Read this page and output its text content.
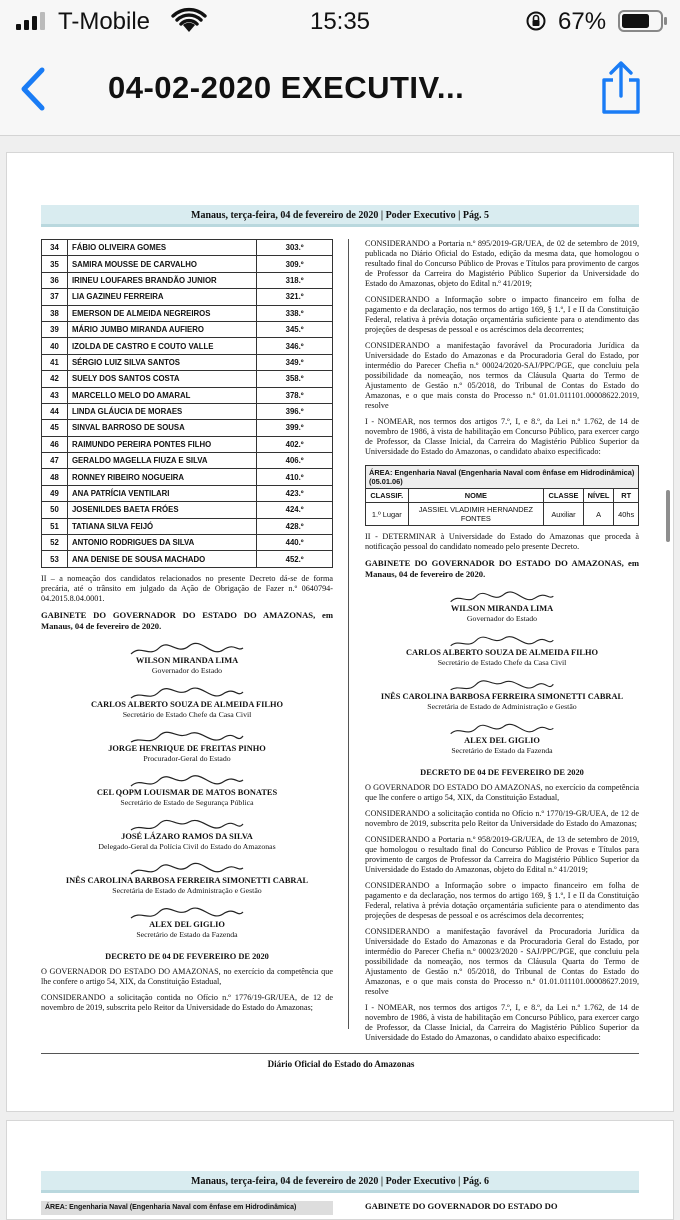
T-Mobile	15:35	67%
04-02-2020 EXECUTIV...
Manaus, terça-feira, 04 de fevereiro de 2020 | Poder Executivo | Pág. 5
34	FÁBIO OLIVEIRA GOMES	303.º
35	SAMIRA MOUSSE DE CARVALHO	309.º
36	IRINEU LOUFARES BRANDÃO JUNIOR	318.º
37	LIA GAZINEU FERREIRA	321.º
38	EMERSON DE ALMEIDA NEGREIROS	338.º
39	MÁRIO JUMBO MIRANDA AUFIERO	345.º
40	IZOLDA DE CASTRO E COUTO VALLE	346.º
41	SÉRGIO LUIZ SILVA SANTOS	349.º
42	SUELY DOS SANTOS COSTA	358.º
43	MARCELLO MELO DO AMARAL	378.º
44	LINDA GLÁUCIA DE MORAES	396.º
45	SINVAL BARROSO DE SOUSA	399.º
46	RAIMUNDO PEREIRA PONTES FILHO	402.º
47	GERALDO MAGELLA FIUZA E SILVA	406.º
48	RONNEY RIBEIRO NOGUEIRA	410.º
49	ANA PATRÍCIA VENTILARI	423.º
50	JOSENILDES BAETA FRÓES	424.º
51	TATIANA SILVA FEIJÓ	428.º
52	ANTONIO RODRIGUES DA SILVA	440.º
53	ANA DENISE DE SOUSA MACHADO	452.º
II – a nomeação dos candidatos relacionados no presente Decreto dá-se de forma precária, até o trânsito em julgado da Ação de Obrigação de Fazer n.º 0640794-04.2015.8.04.0001.
GABINETE DO GOVERNADOR DO ESTADO DO AMAZONAS, em Manaus, 04 de fevereiro de 2020.
WILSON MIRANDA LIMA
Governador do Estado
CARLOS ALBERTO SOUZA DE ALMEIDA FILHO
Secretário de Estado Chefe da Casa Civil
JORGE HENRIQUE DE FREITAS PINHO
Procurador-Geral do Estado
CEL QOPM LOUISMAR DE MATOS BONATES
Secretário de Estado de Segurança Pública
JOSÉ LÁZARO RAMOS DA SILVA
Delegado-Geral da Polícia Civil do Estado do Amazonas
INÊS CAROLINA BARBOSA FERREIRA SIMONETTI CABRAL
Secretária de Estado de Administração e Gestão
ALEX DEL GIGLIO
Secretário de Estado da Fazenda
DECRETO DE 04 DE FEVEREIRO DE 2020
O GOVERNADOR DO ESTADO DO AMAZONAS, no exercício da competência que lhe confere o artigo 54, XIX, da Constituição Estadual,
CONSIDERANDO a solicitação contida no Ofício n.º 1776/19-GR/UEA, de 12 de novembro de 2019, subscrita pelo Reitor da Universidade do Estado do Amazonas;
CONSIDERANDO a Portaria n.º 895/2019-GR/UEA, de 02 de setembro de 2019, publicada no Diário Oficial do Estado, edição da mesma data, que homologou o resultado final do Concurso Público de Provas e Títulos para provimento de cargos de Professor da Carreira do Magistério Público Superior da Universidade do Estado do Amazonas, objeto do Edital n.º 41/2019;
CONSIDERANDO a Informação sobre o impacto financeiro em folha de pagamento e da declaração, nos termos do artigo 169, § 1.º, I e II da Constituição Federal, relativa à prévia dotação orçamentária suficiente para o atendimento das projeções de despesas de pessoal e os acréscimos dela decorrentes;
CONSIDERANDO a manifestação favorável da Procuradoria Jurídica da Universidade do Estado do Amazonas e da Procuradoria Geral do Estado, por intermédio do Parecer Chefia n.º 00024/2020-SAJ/PPC/PGE, que concluiu pela possibilidade da nomeação, nos termos da Cláusula Quarta do Termo de Ajustamento de Gestão n.º 05/2018, do Tribunal de Contas do Estado do Amazonas, e o que mais consta do Processo n.º 01.01.011101.00008622.2019, resolve
I - NOMEAR, nos termos dos artigos 7.º, I, e 8.º, da Lei n.º 1.762, de 14 de novembro de 1986, à vista de habilitação em Concurso Público, para exercer cargo de Professor, da Classe Inicial, da Carreira do Magistério Público Superior da Universidade do Estado do Amazonas, o candidato abaixo especificado:
ÁREA: Engenharia Naval (Engenharia Naval com ênfase em Hidrodinâmica) (05.01.06)				
CLASSIF.	NOME	CLASSE	NÍVEL	RT
1.º Lugar	JASSIEL VLADIMIR HERNANDEZ FONTES	Auxiliar	A	40hs
II - DETERMINAR à Universidade do Estado do Amazonas que proceda à notificação pessoal do candidato nomeado pelo presente Decreto.
GABINETE DO GOVERNADOR DO ESTADO DO AMAZONAS, em Manaus, 04 de fevereiro de 2020.
WILSON MIRANDA LIMA
Governador do Estado
CARLOS ALBERTO SOUZA DE ALMEIDA FILHO
Secretário de Estado Chefe da Casa Civil
INÊS CAROLINA BARBOSA FERREIRA SIMONETTI CABRAL
Secretária de Estado de Administração e Gestão
ALEX DEL GIGLIO
Secretário de Estado da Fazenda
DECRETO DE 04 DE FEVEREIRO DE 2020
O GOVERNADOR DO ESTADO DO AMAZONAS, no exercício da competência que lhe confere o artigo 54, XIX, da Constituição Estadual,
CONSIDERANDO a solicitação contida no Ofício n.º 1770/19-GR/UEA, de 12 de novembro de 2019, subscrita pelo Reitor da Universidade do Estado do Amazonas;
CONSIDERANDO a Portaria n.º 958/2019-GR/UEA, de 13 de setembro de 2019, que homologou o resultado final do Concurso Público de Provas e Títulos para provimento de cargos de Professor da Carreira do Magistério Público Superior da Universidade do Estado do Amazonas, objeto do Edital n.º 41/2019;
CONSIDERANDO a Informação sobre o impacto financeiro em folha de pagamento e da declaração, nos termos do artigo 169, § 1.º, I e II da Constituição Federal, relativa à prévia dotação orçamentária suficiente para o atendimento das projeções de despesas de pessoal e os acréscimos dela decorrentes;
CONSIDERANDO a manifestação favorável da Procuradoria Jurídica da Universidade do Estado do Amazonas e da Procuradoria Geral do Estado, por intermédio do Parecer Chefia n.º 00023/2020 - SAJ/PPC/PGE, que concluiu pela possibilidade da nomeação, nos termos da Cláusula Quarta do Termo de Ajustamento de Gestão n.º 05/2018, do Tribunal de Contas do Estado do Amazonas, e o que mais consta do Processo n.º 01.01.011101.00008627.2019, resolve
I - NOMEAR, nos termos dos artigos 7.º, I, e 8.º, da Lei n.º 1.762, de 14 de novembro de 1986, à vista de habilitação em Concurso Público, para exercer cargo de Professor, da Classe Inicial, da Carreira do Magistério Público Superior da Universidade do Estado do Amazonas, o candidato abaixo especificado:
Diário Oficial do Estado do Amazonas
Manaus, terça-feira, 04 de fevereiro de 2020 | Poder Executivo | Pág. 6
ÁREA: Engenharia Naval (Engenharia Naval com ênfase em Hidrodinâmica)	GABINETE DO GOVERNADOR DO ESTADO DO
